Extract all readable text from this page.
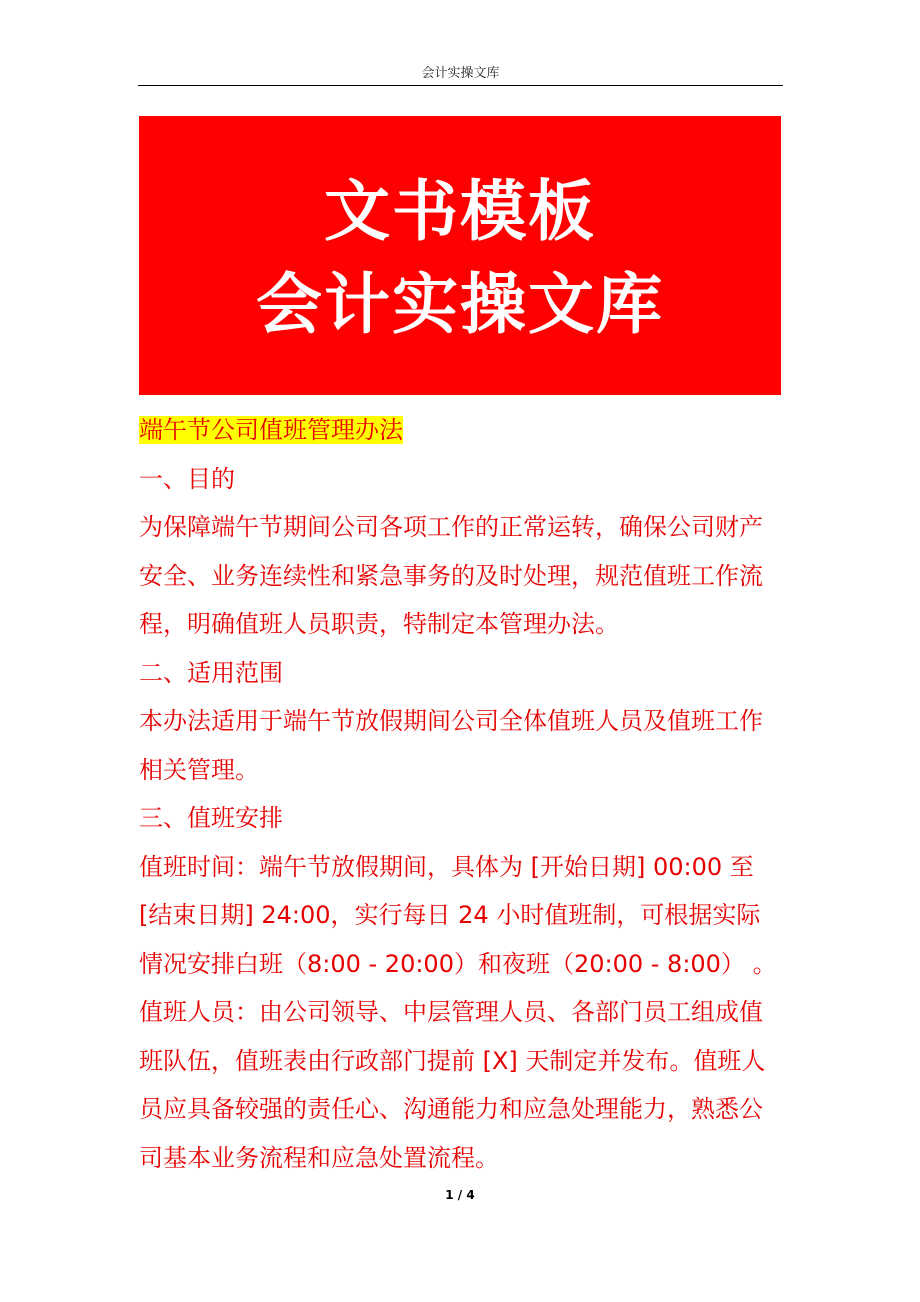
会计实操文库
文书模板
会计实操文库

端午节公司值班管理办法

一、目的

为保障端午节期间公司各项工作的正常运转，确保公司财产安全、业务连续性和紧急事务的及时处理，规范值班工作流程，明确值班人员职责，特制定本管理办法。

二、适用范围

本办法适用于端午节放假期间公司全体值班人员及值班工作相关管理。

三、值班安排

值班时间：端午节放假期间，具体为 [开始日期] 00:00 至 [结束日期] 24:00，实行每日 24 小时值班制，可根据实际情况安排白班（8:00 - 20:00）和夜班（20:00 - 8:00） 。

值班人员：由公司领导、中层管理人员、各部门员工组成值班队伍，值班表由行政部门提前 [X] 天制定并发布。值班人员应具备较强的责任心、沟通能力和应急处理能力，熟悉公司基本业务流程和应急处置流程。

1 / 4
